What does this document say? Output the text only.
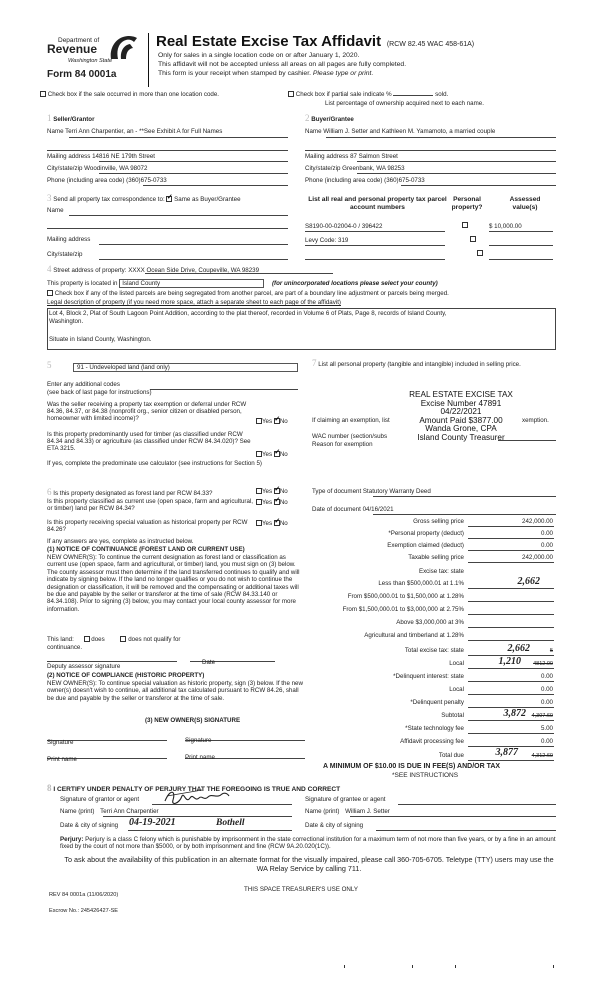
Department of
Revenue
Washington State
Form 84 0001a
Real Estate Excise Tax Affidavit (RCW 82.45 WAC 458-61A)
Only for sales in a single location code on or after January 1, 2020.
This affidavit will not be accepted unless all areas on all pages are fully completed.
This form is your receipt when stamped by cashier. Please type or print.
Check box if the sale occurred in more than one location code.	Check box if partial sale indicate %	sold.
List percentage of ownership acquired next to each name.
1 Seller/Grantor	2 Buyer/Grantee
Name Terri Ann Charpentier, an - **See Exhibit A for Full Names	Name William J. Setter and Kathleen M. Yamamoto, a married couple
Mailing address 14816 NE 179th Street	Mailing address 87 Salmon Street
City/state/zip Woodinville, WA 98072	City/state/zip Greenbank, WA 98253
Phone (including area code) (360)675-0733	Phone (including area code) (360)675-0733
3 Send all property tax correspondence to: ✓ Same as Buyer/Grantee
Name
Mailing address
City/state/zip
List all real and personal property tax parcel account numbers
Personal property?
Assessed value(s)
S8190-00-02004-0 / 396422
	$ 10,000.00
Levy Code: 319

4 Street address of property: XXXX Ocean Side Drive, Coupeville, WA 98239
This property is located in Island County	(for unincorporated locations please select your county)
Check box if any of the listed parcels are being segregated from another parcel, are part of a boundary line adjustment or parcels being merged.
Legal description of property (if you need more space, attach a separate sheet to each page of the affidavit)
Lot 4, Block 2, Plat of South Lagoon Point Addition, according to the plat thereof, recorded in Volume 6 of Plats, Page 8, records of Island County,
Washington.
Situate in Island County, Washington.
5	91 - Undeveloped land (land only)
Enter any additional codes
(see back of last page for instructions)
Was the seller receiving a property tax exemption or deferral under RCW 84.36, 84.37, or 84.38 (nonprofit org., senior citizen or disabled person, homeowner with limited income)?	Yes ✓ No
Is this property predominantly used for timber (as classified under RCW 84.34 and 84.33) or agriculture (as classified under RCW 84.34.020)? See ETA 3215.
Yes ✓ No
If yes, complete the predominate use calculator (see instructions for Section 5)
6 Is this property designated as forest land per RCW 84.33?	Yes ✓ No
Is this property classified as current use (open space, farm and agricultural, or timber) land per RCW 84.34?
Yes ✓ No
Is this property receiving special valuation as historical property per RCW 84.26?
Yes ✓ No
If any answers are yes, complete as instructed below.
(1) NOTICE OF CONTINUANCE (FOREST LAND OR CURRENT USE)
NEW OWNER(S): To continue the current designation as forest land or classification as current use (open space, farm and agricultural, or timber) land, you must sign on (3) below. The county assessor must then determine if the land transferred continues to qualify and will indicate by signing below. If the land no longer qualifies or you do not wish to continue the designation or classification, it will be removed and the compensating or additional taxes will be due and payable by the seller or transferor at the time of sale (RCW 84.33.140 or 84.34.108). Prior to signing (3) below, you may contact your local county assessor for more information.
This land:	does	does not qualify for
continuance.
Deputy assessor signature
Date
(2) NOTICE OF COMPLIANCE (HISTORIC PROPERTY)
NEW OWNER(S): To continue special valuation as historic property, sign (3) below. If the new owner(s) doesn't wish to continue, all additional tax calculated pursuant to RCW 84.26, shall be due and payable by the seller or transferor at the time of sale.
(3) NEW OWNER(S) SIGNATURE
Signature	Signature
Print name	Print name
7 List all personal property (tangible and intangible) included in selling price.
If claiming an exemption, list	xemption.
WAC number (section/subs
Reason for exemption
REAL ESTATE EXCISE TAX
Excise Number 47891
04/22/2021
Amount Paid $3877.00
Wanda Grone, CPA
Island County Treasurer
Type of document Statutory Warranty Deed
Date of document 04/16/2021
Gross selling price	242,000.00
*Personal property (deduct)	0.00
Exemption claimed (deduct)	0.00
Taxable selling price	242,000.00
Excise tax: state
Less than $500,000.01 at 1.1%	2,662
From $500,000.01 to $1,500,000 at 1.28%
From $1,500,000.01 to $3,000,000 at 2.75%
Above $3,000,000 at 3%
Agricultural and timberland at 1.28%
Total excise tax: state	2,662	5
Local	1,210 4812.00
*Delinquent interest: state	0.00
Local	0.00
*Delinquent penalty	0.00
Subtotal	3,872 4,307.60
*State technology fee	5.00
Affidavit processing fee	0.00
Total due	3,877 4,312.60
A MINIMUM OF $10.00 IS DUE IN FEE(S) AND/OR TAX
*SEE INSTRUCTIONS
8 I CERTIFY UNDER PENALTY OF PERJURY THAT THE FOREGOING IS TRUE AND CORRECT
Signature of grantor or agent
Name (print) Terri Ann Charpentier
Date & city of signing 04-19-2021	Bothell
Signature of grantee or agent
Name (print) William J. Setter
Date & city of signing
Perjury: Perjury is a class C felony which is punishable by imprisonment in the state correctional institution for a maximum term of not more than five years, or by a fine in an amount fixed by the court of not more than $5000, or by both imprisonment and fine (RCW 9A.20.020(1C)).
To ask about the availability of this publication in an alternate format for the visually impaired, please call 360-705-6705. Teletype (TTY) users may use the WA Relay Service by calling 711.
REV 84 0001a (11/06/2020)
THIS SPACE TREASURER'S USE ONLY
Escrow No.: 245426427-SE
